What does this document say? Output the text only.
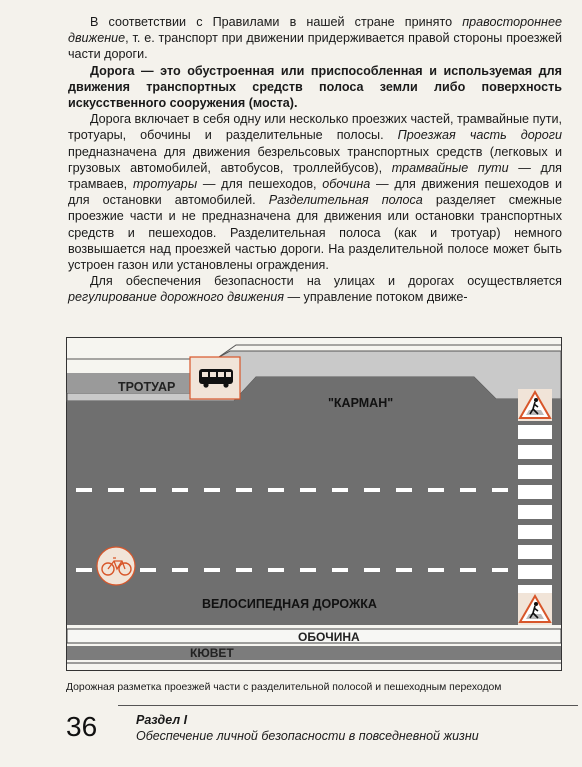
В соответствии с Правилами в нашей стране принято правостороннее движение, т. е. транспорт при движении придерживается правой стороны проезжей части дороги.

Дорога — это обустроенная или приспособленная и используемая для движения транспортных средств полоса земли либо поверхность искусственного сооружения (моста).

Дорога включает в себя одну или несколько проезжих частей, трамвайные пути, тротуары, обочины и разделительные полосы. Проезжая часть дороги предназначена для движения безрельсовых транспортных средств (легковых и грузовых автомобилей, автобусов, троллейбусов), трамвайные пути — для трамваев, тротуары — для пешеходов, обочина — для движения пешеходов и для остановки автомобилей. Разделительная полоса разделяет смежные проезжие части и не предназначена для движения или остановки транспортных средств и пешеходов. Разделительная полоса (как и тротуар) немного возвышается над проезжей частью дороги. На разделительной полосе может быть устроен газон или установлены ограждения.

Для обеспечения безопасности на улицах и дорогах осуществляется регулирование дорожного движения — управление потоком движе-

ТРОТУАР
"КАРМАН"
ВЕЛОСИПЕДНАЯ ДОРОЖКА
ОБОЧИНА
КЮВЕТ
Дорожная разметка проезжей части с разделительной полосой и пешеходным переходом
36	Раздел I
Обеспечение личной безопасности в повседневной жизни
